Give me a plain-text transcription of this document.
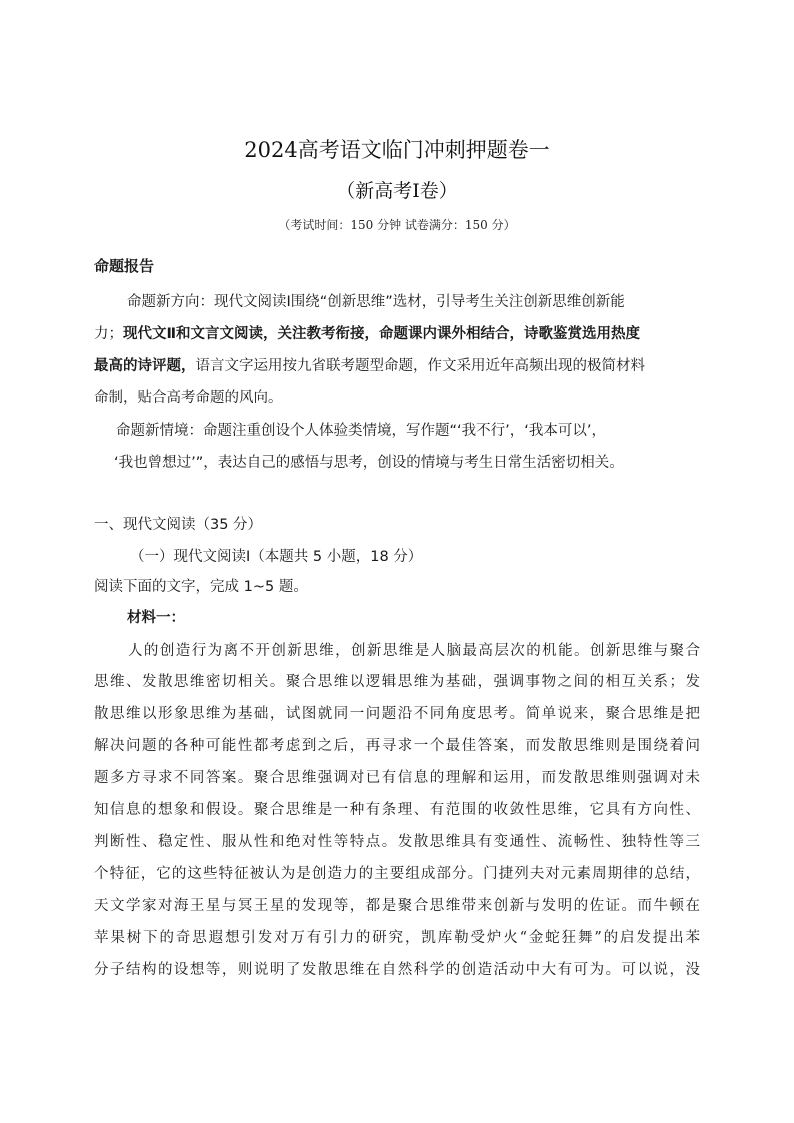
2024高考语文临门冲刺押题卷一
（新高考Ⅰ卷）
（考试时间：150 分钟 试卷满分：150 分）
命题报告
命题新方向：现代文阅读Ⅰ围绕“创新思维”选材，引导考生关注创新思维创新能
力；现代文Ⅱ和文言文阅读，关注教考衔接，命题课内课外相结合，诗歌鉴赏选用热度
最高的诗评题，语言文字运用按九省联考题型命题，作文采用近年高频出现的极简材料
命制，贴合高考命题的风向。
命题新情境：命题注重创设个人体验类情境，写作题“‘我不行’，‘我本可以’，
‘我也曾想过’”，表达自己的感悟与思考，创设的情境与考生日常生活密切相关。
一、现代文阅读（35 分）
（一）现代文阅读Ⅰ（本题共 5 小题，18 分）
阅读下面的文字，完成 1~5 题。
材料一：
人的创造行为离不开创新思维，创新思维是人脑最高层次的机能。创新思维与聚合
思维、发散思维密切相关。聚合思维以逻辑思维为基础，强调事物之间的相互关系；发
散思维以形象思维为基础，试图就同一问题沿不同角度思考。简单说来，聚合思维是把
解决问题的各种可能性都考虑到之后，再寻求一个最佳答案，而发散思维则是围绕着问
题多方寻求不同答案。聚合思维强调对已有信息的理解和运用，而发散思维则强调对未
知信息的想象和假设。聚合思维是一种有条理、有范围的收敛性思维，它具有方向性、
判断性、稳定性、服从性和绝对性等特点。发散思维具有变通性、流畅性、独特性等三
个特征，它的这些特征被认为是创造力的主要组成部分。门捷列夫对元素周期律的总结，
天文学家对海王星与冥王星的发现等，都是聚合思维带来创新与发明的佐证。而牛顿在
苹果树下的奇思遐想引发对万有引力的研究，凯库勒受炉火“金蛇狂舞”的启发提出苯
分子结构的设想等，则说明了发散思维在自然科学的创造活动中大有可为。可以说，没
